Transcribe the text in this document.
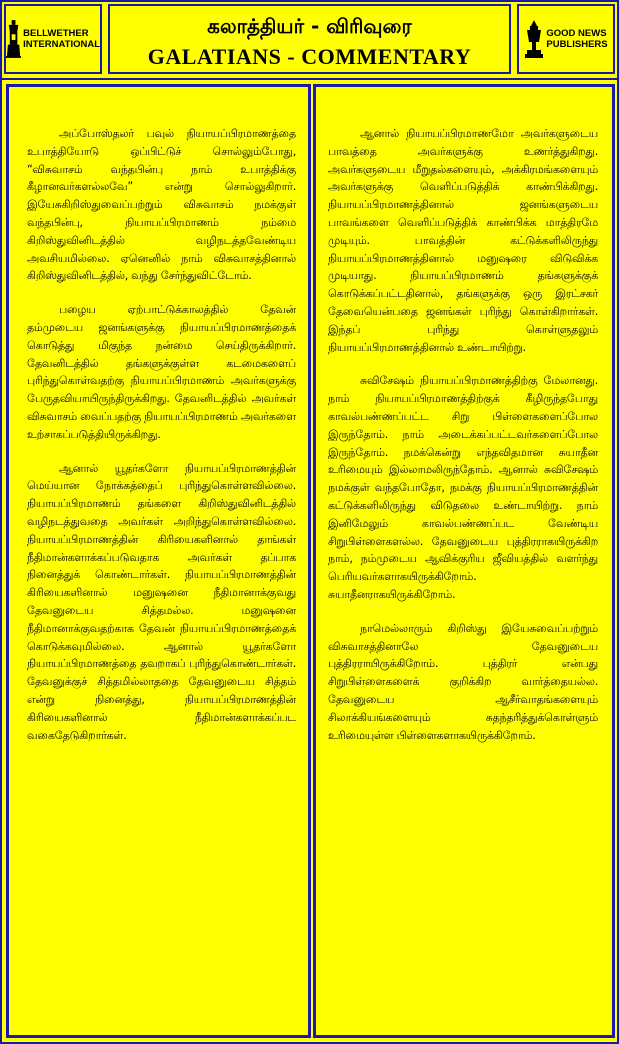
BELLWETHER
INTERNATIONAL
கலாத்தியர் - விரிவுரை
GALATIANS - COMMENTARY
GOOD NEWS
PUBLISHERS

அப்போஸ்தலர் பவுல் நியாயப்பிரமாணத்தை உபாத்தியோடு ஒப்பிட்டுச் சொல்லும்போது, “விசுவாசம் வந்தபின்பு நாம் உபாத்திக்கு கீழானவர்களல்லவே” என்று சொல்லுகிறார். இயேசுகிறிஸ்துவைப்பற்றும் விசுவாசம் நமக்குள் வந்தபின்பு, நியாயப்பிரமாணம் நம்மை கிறிஸ்துவினிடத்தில் வழிநடத்தவேண்டிய அவசியமில்லை. ஏனெனில் நாம் விசுவாசத்தினால் கிறிஸ்துவினிடத்தில், வந்து சேர்ந்துவிட்டோம்.

பழைய ஏற்பாட்டுக்காலத்தில் தேவன் தம்முடைய ஜனங்களுக்கு நியாயப்பிரமாணத்தைக் கொடுத்து மிகுந்த நன்மை செய்திருக்கிறார். தேவனிடத்தில் தங்களுக்குள்ள கடமைகளைப் புரிந்துகொள்வதற்கு நியாயப்பிரமாணம் அவர்களுக்கு பேருதவியாயிருந்திருக்கிறது. தேவனிடத்தில் அவர்கள் விசுவாசம் வைப்பதற்கு நியாயப்பிரமாணம் அவர்களை உற்சாகப்படுத்தியிருக்கிறது.

ஆனால் யூதர்களோ நியாயப்பிரமாணத்தின் மெய்யான நோக்கத்தைப் புரிந்துகொள்ளவில்லை. நியாயப்பிரமாணம் தங்களை கிறிஸ்துவினிடத்தில் வழிநடத்துவதை அவர்கள் அறிந்துகொள்ளவில்லை. நியாயப்பிரமாணத்தின் கிரியைகளினால் தாங்கள் நீதிமான்களாக்கப்படுவதாக அவர்கள் தப்பாக நினைத்துக் கொண்டார்கள். நியாயப்பிரமாணத்தின் கிரியைகளினால் மனுஷனை நீதிமானாக்குவது தேவனுடைய சித்தமல்ல. மனுஷனை நீதிமானாக்குவதற்காக தேவன் நியாயப்பிரமாணத்தைக் கொடுக்கவுமில்லை. ஆனால் யூதர்களோ நியாயப்பிரமாணத்தை தவறாகப் புரிந்துகொண்டார்கள். தேவனுக்குச் சித்தமில்லாததை தேவனுடைய சித்தம் என்று நினைத்து, நியாயப்பிரமாணத்தின் கிரியைகளினால் நீதிமான்களாக்கப்பட வகைதேடுகிறார்கள்.

ஆனால் நியாயப்பிரமாணமோ அவர்களுடைய பாவத்தை அவர்களுக்கு உணர்த்துகிறது. அவர்களுடைய மீறுதல்களையும், அக்கிரமங்களையும் அவர்களுக்கு வெளிப்படுத்திக் காண்பிக்கிறது. நியாயப்பிரமாணத்தினால் ஜனங்களுடைய பாவங்களை வெளிப்படுத்திக் காண்பிக்க மாத்திரமே முடியும். பாவத்தின் கட்டுக்களிலிருந்து நியாயப்பிரமாணத்தினால் மனுஷரை விடுவிக்க முடியாது. நியாயப்பிரமாணம் தங்களுக்குக் கொடுக்கப்பட்டதினால், தங்களுக்கு ஒரு இரட்சகர் தேவையென்பதை ஜனங்கள் புரிந்து கொள்கிறார்கள். இந்தப் புரிந்து கொள்ளுதலும் நியாயப்பிரமாணத்தினால் உண்டாயிற்று.

சுவிசேஷம் நியாயப்பிரமாணத்திற்கு மேலானது. நாம் நியாயப்பிரமாணத்திற்குக் கீழிருந்தபோது காவல்பண்ணப்பட்ட சிறு பிள்ளைகளைப்போல இருந்தோம். நாம் அடைக்கப்பட்டவர்களைப்போல இருந்தோம். நமக்கென்று எந்தவிதமான சுயாதீன உரிமையும் இல்லாமலிருந்தோம். ஆனால் சுவிசேஷம் நமக்குள் வந்தபோதோ, நமக்கு நியாயப்பிரமாணத்தின் கட்டுக்களிலிருந்து விடுதலை உண்டாயிற்று. நாம் இனிமேலும் காவல்பண்ணப்பட வேண்டிய சிறுபிள்ளைகளல்ல. தேவனுடைய புத்திரராகயிருக்கிற நாம், நம்முடைய ஆவிக்குரிய ஜீவியத்தில் வளர்ந்து பெரியவர்களாகயிருக்கிறோம். சுயாதீனராகயிருக்கிறோம்.

நாமெல்லாரும் கிறிஸ்து இயேசுவைப்பற்றும் விசுவாசத்தினாலே தேவனுடைய புத்திரராயிருக்கிறோம். புத்திரர் என்பது சிறுபிள்ளைகளைக் குறிக்கிற வார்த்தையல்ல. தேவனுடைய ஆசீர்வாதங்களையும் சிலாக்கியங்களையும் சுதந்தரித்துக்கொள்ளும் உரிமையுள்ள பிள்ளைகளாகயிருக்கிறோம்.
